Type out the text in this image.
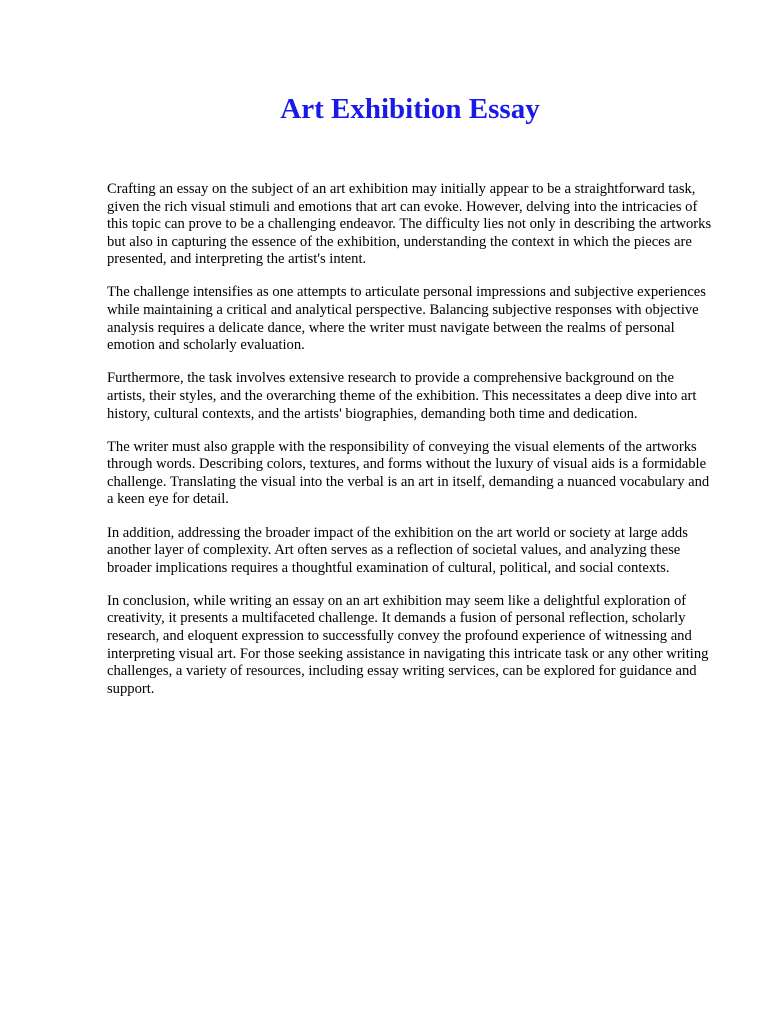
Art Exhibition Essay

Crafting an essay on the subject of an art exhibition may initially appear to be a straightforward task, given the rich visual stimuli and emotions that art can evoke. However, delving into the intricacies of this topic can prove to be a challenging endeavor. The difficulty lies not only in describing the artworks but also in capturing the essence of the exhibition, understanding the context in which the pieces are presented, and interpreting the artist's intent.

The challenge intensifies as one attempts to articulate personal impressions and subjective experiences while maintaining a critical and analytical perspective. Balancing subjective responses with objective analysis requires a delicate dance, where the writer must navigate between the realms of personal emotion and scholarly evaluation.

Furthermore, the task involves extensive research to provide a comprehensive background on the artists, their styles, and the overarching theme of the exhibition. This necessitates a deep dive into art history, cultural contexts, and the artists' biographies, demanding both time and dedication.

The writer must also grapple with the responsibility of conveying the visual elements of the artworks through words. Describing colors, textures, and forms without the luxury of visual aids is a formidable challenge. Translating the visual into the verbal is an art in itself, demanding a nuanced vocabulary and a keen eye for detail.

In addition, addressing the broader impact of the exhibition on the art world or society at large adds another layer of complexity. Art often serves as a reflection of societal values, and analyzing these broader implications requires a thoughtful examination of cultural, political, and social contexts.

In conclusion, while writing an essay on an art exhibition may seem like a delightful exploration of creativity, it presents a multifaceted challenge. It demands a fusion of personal reflection, scholarly research, and eloquent expression to successfully convey the profound experience of witnessing and interpreting visual art. For those seeking assistance in navigating this intricate task or any other writing challenges, a variety of resources, including essay writing services, can be explored for guidance and support.
